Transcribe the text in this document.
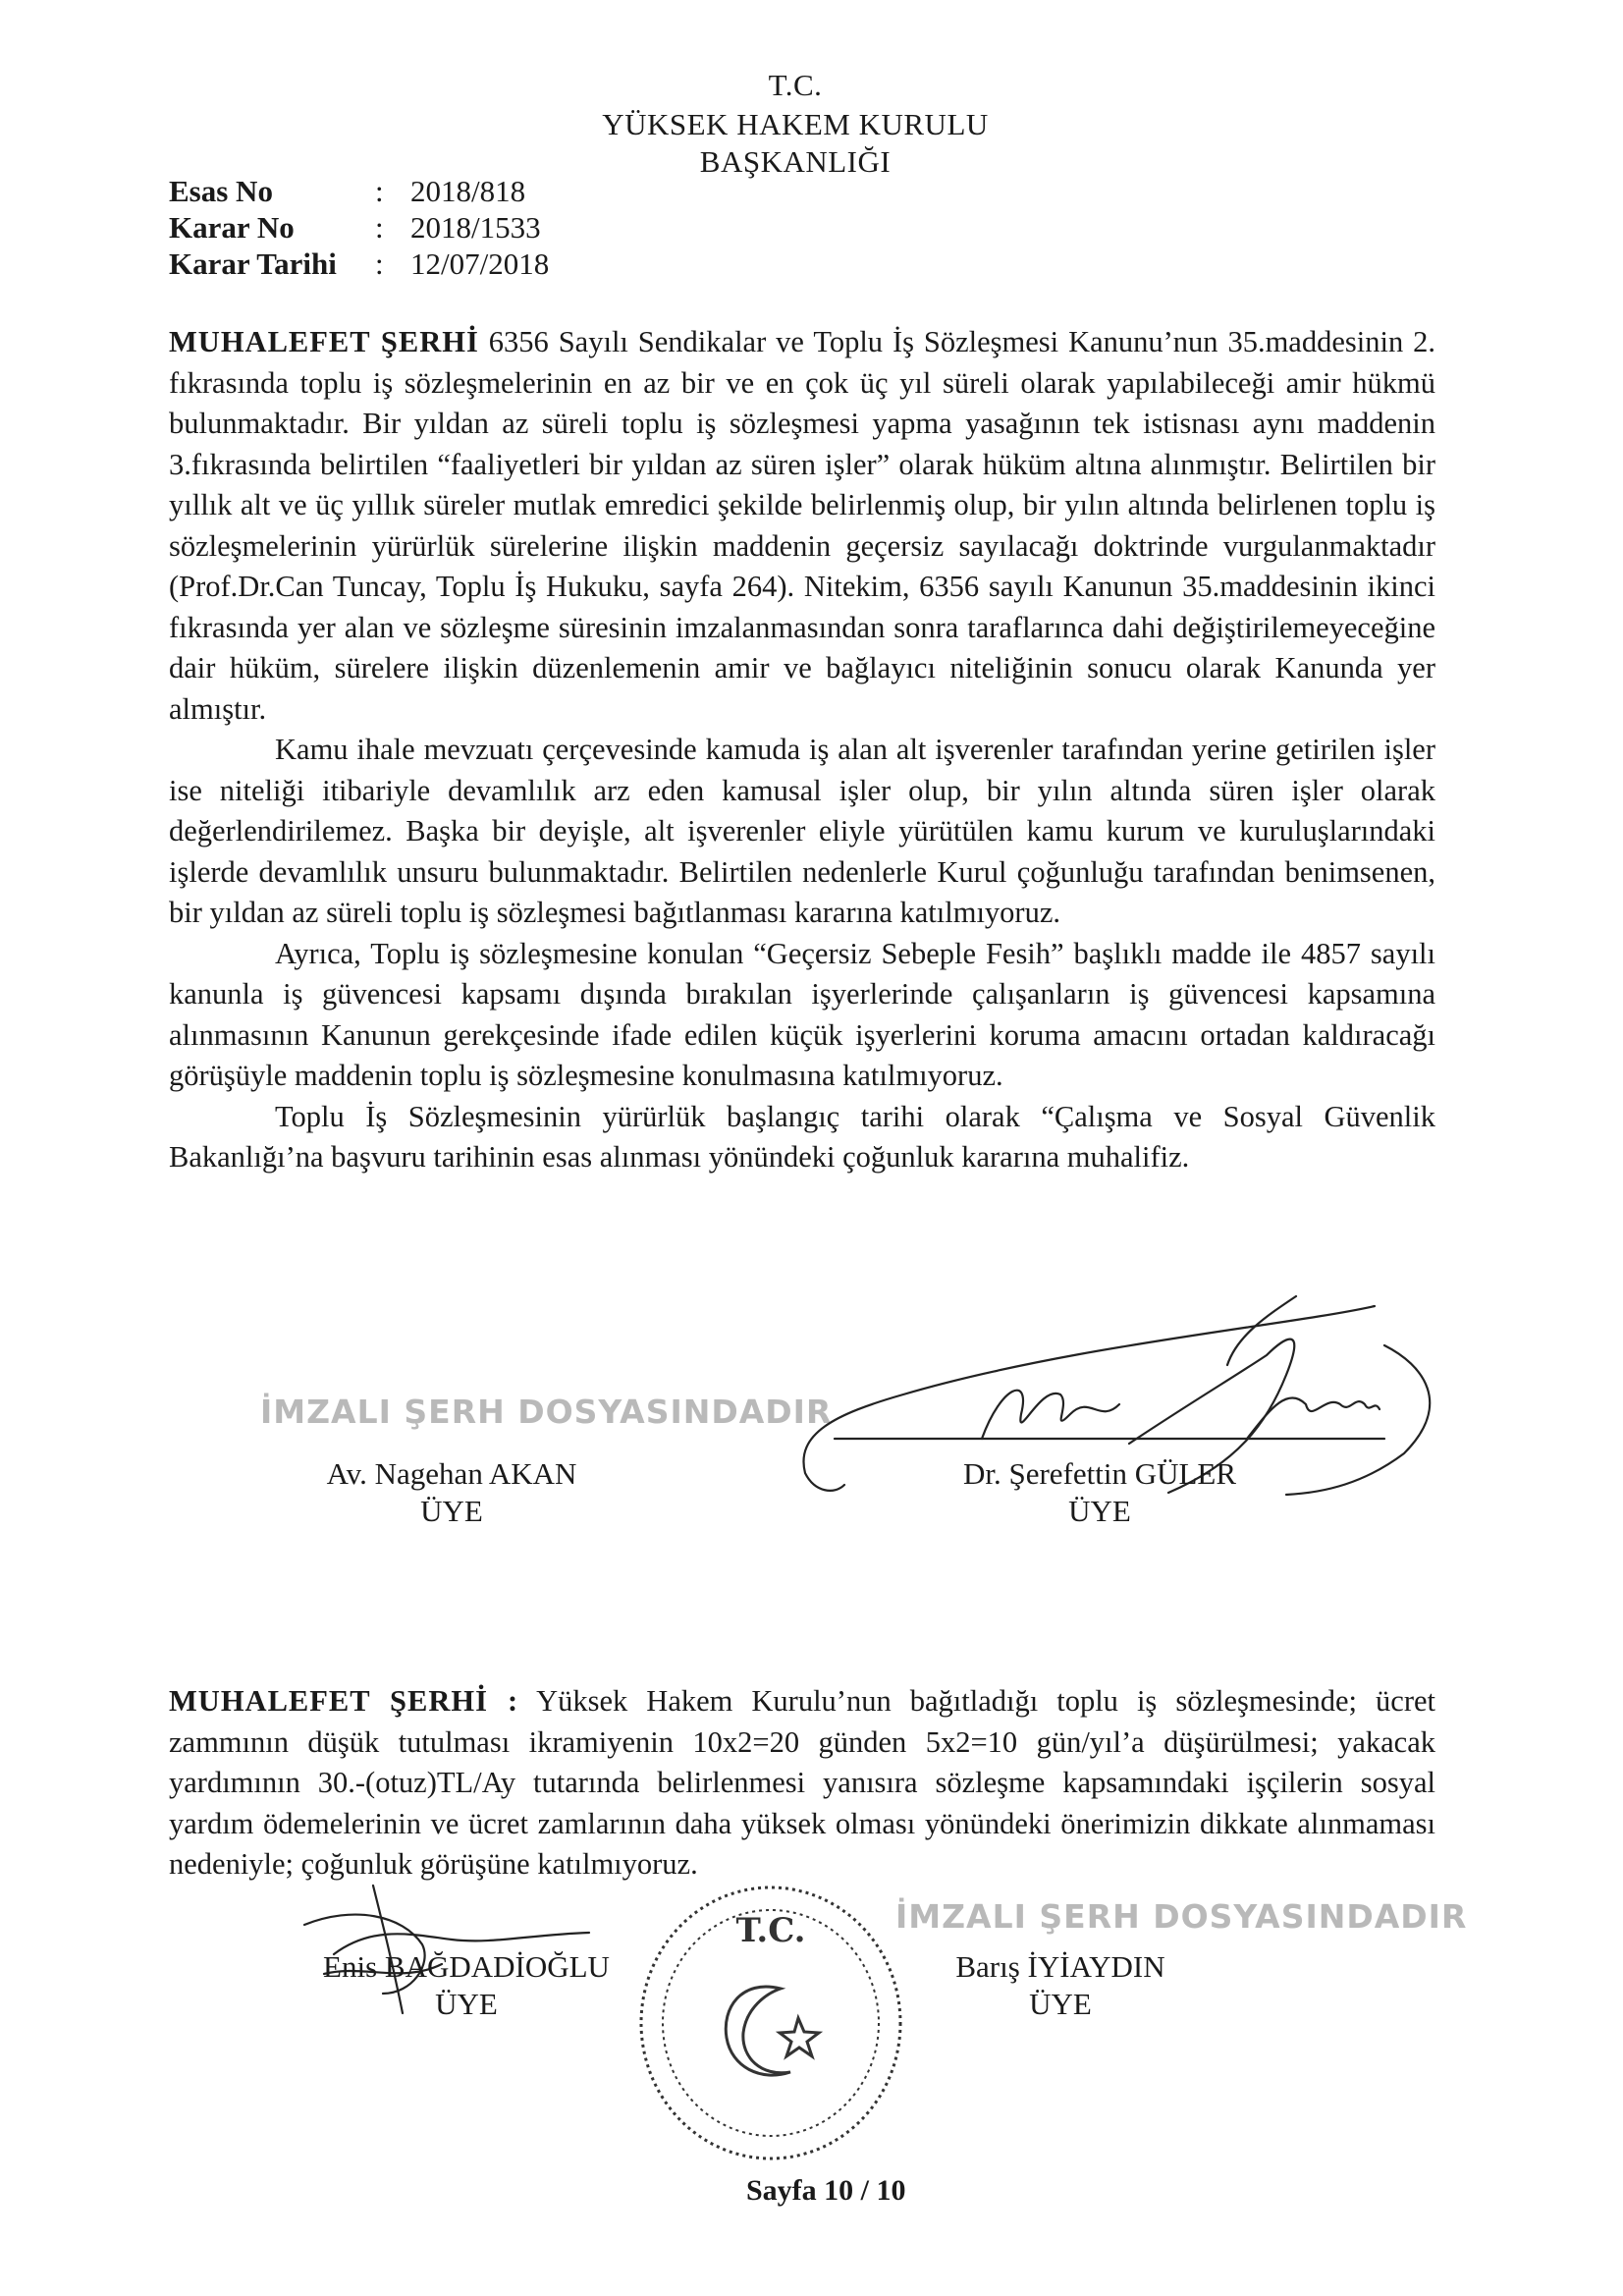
T.C.
YÜKSEK HAKEM KURULU
BAŞKANLIĞI
Esas No	: 2018/818
Karar No	: 2018/1533
Karar Tarihi	: 12/07/2018

MUHALEFET ŞERHİ 6356 Sayılı Sendikalar ve Toplu İş Sözleşmesi Kanunu’nun 35.maddesinin 2. fıkrasında toplu iş sözleşmelerinin en az bir ve en çok üç yıl süreli olarak yapılabileceği amir hükmü bulunmaktadır. Bir yıldan az süreli toplu iş sözleşmesi yapma yasağının tek istisnası aynı maddenin 3.fıkrasında belirtilen “faaliyetleri bir yıldan az süren işler” olarak hüküm altına alınmıştır. Belirtilen bir yıllık alt ve üç yıllık süreler mutlak emredici şekilde belirlenmiş olup, bir yılın altında belirlenen toplu iş sözleşmelerinin yürürlük sürelerine ilişkin maddenin geçersiz sayılacağı doktrinde vurgulanmaktadır (Prof.Dr.Can Tuncay, Toplu İş Hukuku, sayfa 264). Nitekim, 6356 sayılı Kanunun 35.maddesinin ikinci fıkrasında yer alan ve sözleşme süresinin imzalanmasından sonra taraflarınca dahi değiştirilemeyeceğine dair hüküm, sürelere ilişkin düzenlemenin amir ve bağlayıcı niteliğinin sonucu olarak Kanunda yer almıştır.

Kamu ihale mevzuatı çerçevesinde kamuda iş alan alt işverenler tarafından yerine getirilen işler ise niteliği itibariyle devamlılık arz eden kamusal işler olup, bir yılın altında süren işler olarak değerlendirilemez. Başka bir deyişle, alt işverenler eliyle yürütülen kamu kurum ve kuruluşlarındaki işlerde devamlılık unsuru bulunmaktadır. Belirtilen nedenlerle Kurul çoğunluğu tarafından benimsenen, bir yıldan az süreli toplu iş sözleşmesi bağıtlanması kararına katılmıyoruz.

Ayrıca, Toplu iş sözleşmesine konulan “Geçersiz Sebeple Fesih” başlıklı madde ile 4857 sayılı kanunla iş güvencesi kapsamı dışında bırakılan işyerlerinde çalışanların iş güvencesi kapsamına alınmasının Kanunun gerekçesinde ifade edilen küçük işyerlerini koruma amacını ortadan kaldıracağı görüşüyle maddenin toplu iş sözleşmesine konulmasına katılmıyoruz.

Toplu İş Sözleşmesinin yürürlük başlangıç tarihi olarak “Çalışma ve Sosyal Güvenlik Bakanlığı’na başvuru tarihinin esas alınması yönündeki çoğunluk kararına muhalifiz.

İMZALI ŞERH DOSYASINDADIR
Av. Nagehan AKAN
ÜYE
Dr. Şerefettin GÜLER
ÜYE

MUHALEFET ŞERHİ : Yüksek Hakem Kurulu’nun bağıtladığı toplu iş sözleşmesinde; ücret zammının düşük tutulması ikramiyenin 10x2=20 günden 5x2=10 gün/yıl’a düşürülmesi; yakacak yardımının 30.-(otuz)TL/Ay tutarında belirlenmesi yanısıra sözleşme kapsamındaki işçilerin sosyal yardım ödemelerinin ve ücret zamlarının daha yüksek olması yönündeki önerimizin dikkate alınmaması nedeniyle; çoğunluk görüşüne katılmıyoruz.

İMZALI ŞERH DOSYASINDADIR
Enis BAĞDADİOĞLU
ÜYE
T.C.
Barış İYİAYDIN
ÜYE
Sayfa 10 / 10
